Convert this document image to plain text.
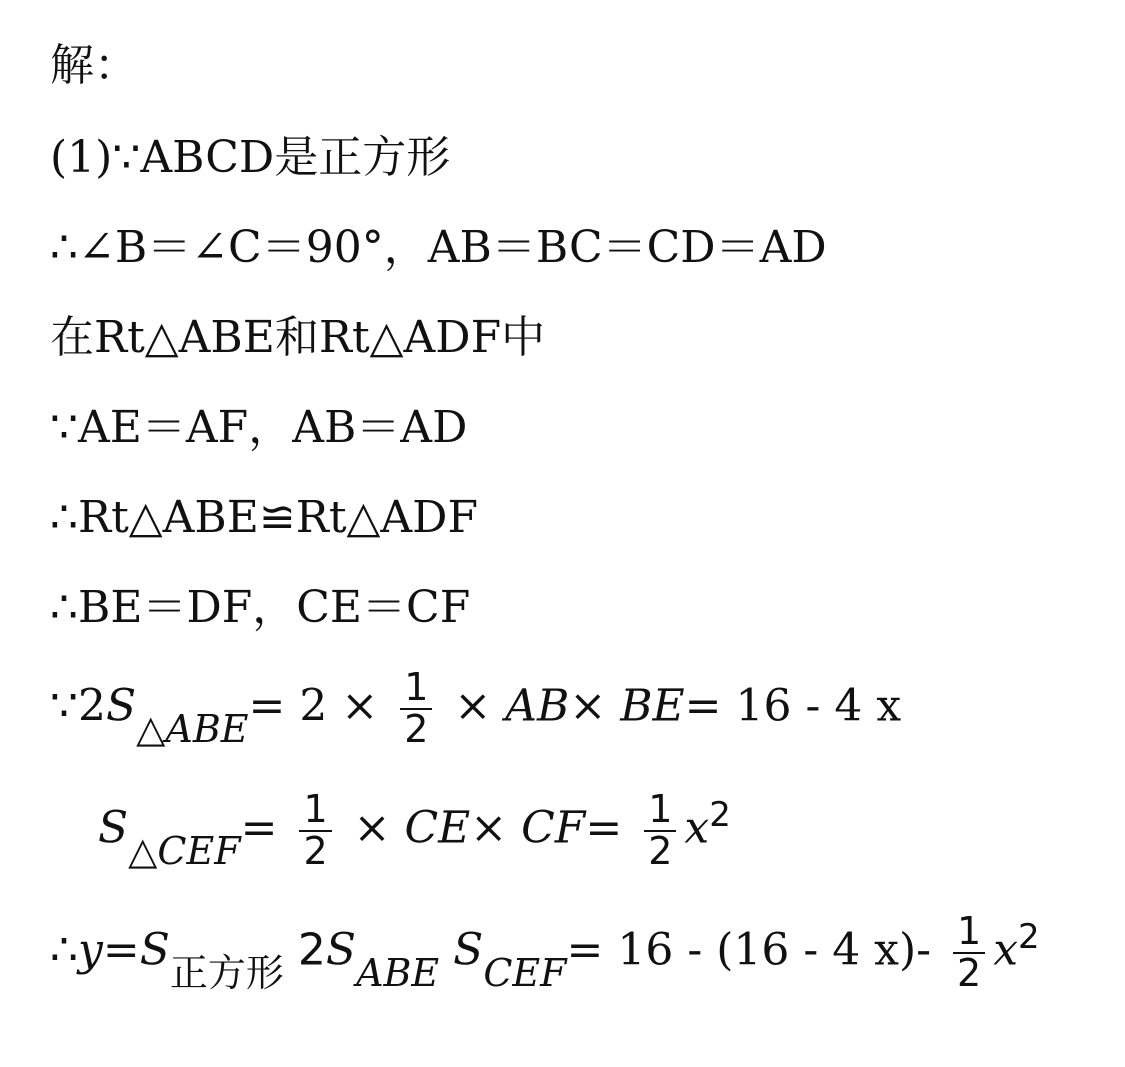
解：
(1)∵ABCD是正方形
∴∠B＝∠C＝90°，AB＝BC＝CD＝AD
在Rt△ABE和Rt△ADF中
∵AE＝AF，AB＝AD
∴Rt△ABE≌Rt△ADF
∴BE＝DF，CE＝CF
∵2S△ABE= $2 \times \frac{1}{2} \times AB\times BE= 16 - 4$ x
S△CEF= $\frac{1}{2} \times CE\times CF= \frac{1}{2} x^2$
∴y=S正方形 2SABE SCEF= 16 - (16 - 4 $x)- \frac{1}{2} x^2$
